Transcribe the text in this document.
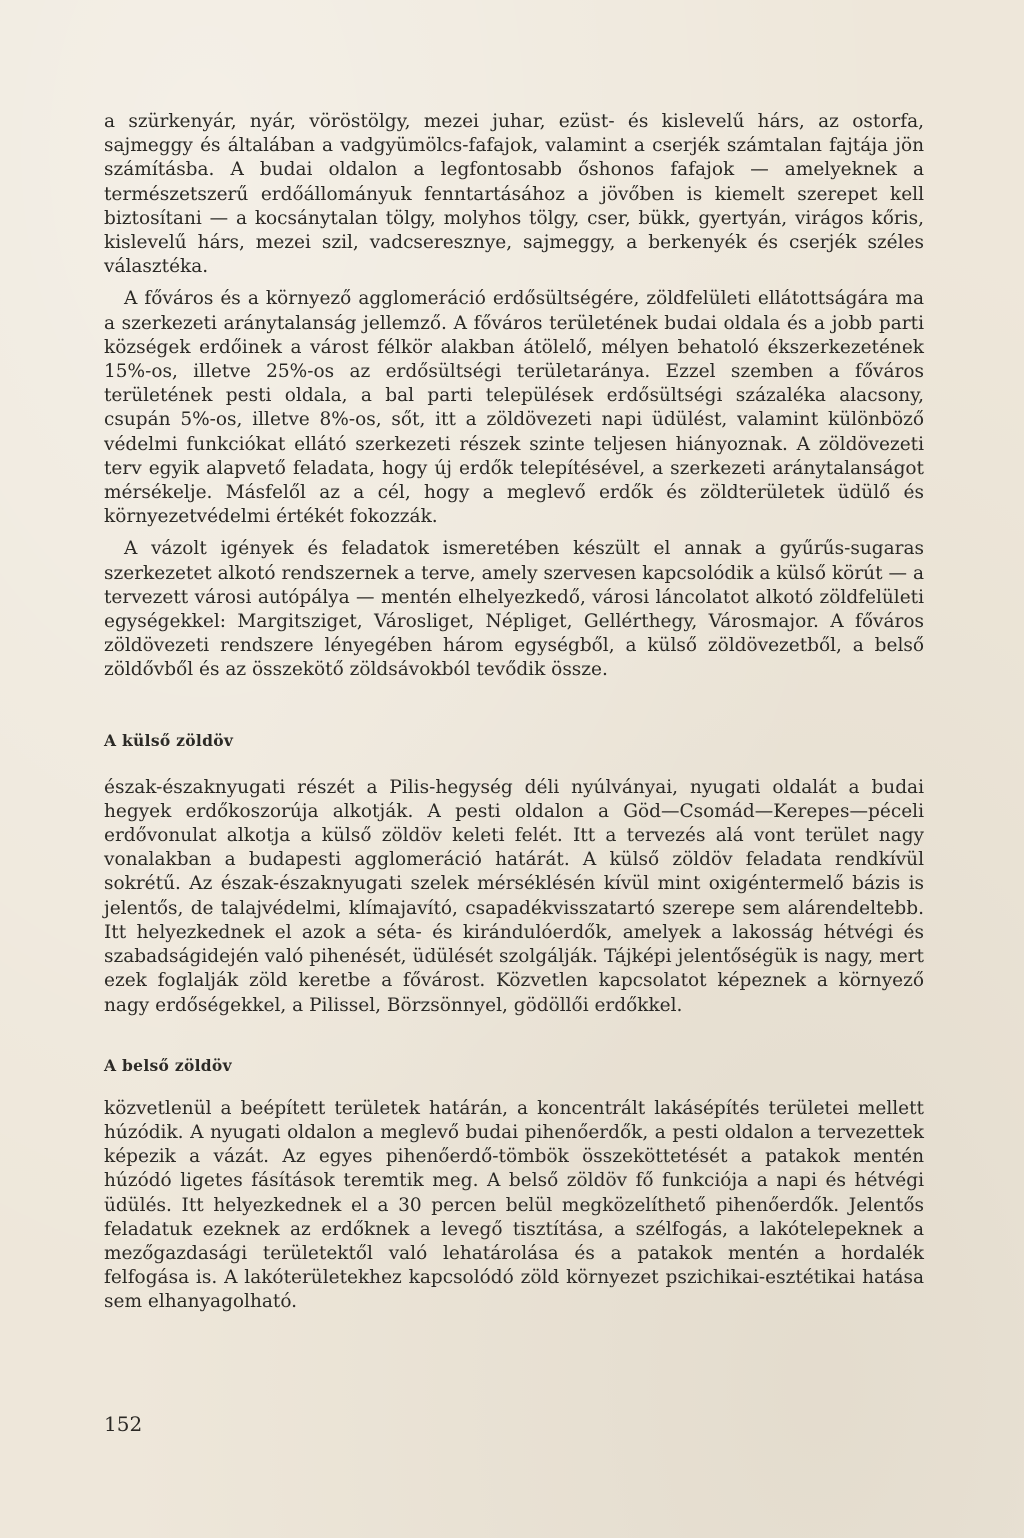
a szürkenyár, nyár, vöröstölgy, mezei juhar, ezüst- és kislevelű hárs, az ostorfa, sajmeggy és általában a vadgyümölcs-fafajok, valamint a cserjék számtalan fajtája jön számításba. A budai oldalon a legfontosabb őshonos fafajok — amelyeknek a természetszerű erdőállományuk fenntartásához a jövőben is kiemelt szerepet kell biztosítani — a kocsánytalan tölgy, molyhos tölgy, cser, bükk, gyertyán, virágos kőris, kislevelű hárs, mezei szil, vadcseresznye, sajmeggy, a berkenyék és cserjék széles választéka.

A főváros és a környező agglomeráció erdősültségére, zöldfelületi ellátottságára ma a szerkezeti aránytalanság jellemző. A főváros területének budai oldala és a jobb parti községek erdőinek a várost félkör alakban átölelő, mélyen behatoló ékszerkezetének 15%-os, illetve 25%-os az erdősültségi területaránya. Ezzel szemben a főváros területének pesti oldala, a bal parti települések erdősültségi százaléka alacsony, csupán 5%-os, illetve 8%-os, sőt, itt a zöldövezeti napi üdülést, valamint különböző védelmi funkciókat ellátó szerkezeti részek szinte teljesen hiányoznak. A zöldövezeti terv egyik alapvető feladata, hogy új erdők telepítésével, a szerkezeti aránytalanságot mérsékelje. Másfelől az a cél, hogy a meglevő erdők és zöldterületek üdülő és környezetvédelmi értékét fokozzák.

A vázolt igények és feladatok ismeretében készült el annak a gyűrűs-sugaras szerkezetet alkotó rendszernek a terve, amely szervesen kapcsolódik a külső körút — a tervezett városi autópálya — mentén elhelyezkedő, városi láncolatot alkotó zöldfelületi egységekkel: Margitsziget, Városliget, Népliget, Gellérthegy, Városmajor. A főváros zöldövezeti rendszere lényegében három egységből, a külső zöldövezetből, a belső zöldővből és az összekötő zöldsávokból tevődik össze.

A külső zöldöv

észak-északnyugati részét a Pilis-hegység déli nyúlványai, nyugati oldalát a budai hegyek erdőkoszorúja alkotják. A pesti oldalon a Göd—Csomád—Kerepes—péceli erdővonulat alkotja a külső zöldöv keleti felét. Itt a tervezés alá vont terület nagy vonalakban a budapesti agglomeráció határát. A külső zöldöv feladata rendkívül sokrétű. Az észak-északnyugati szelek mérséklésén kívül mint oxigéntermelő bázis is jelentős, de talajvédelmi, klímajavító, csapadékvisszatartó szerepe sem alárendeltebb. Itt helyezkednek el azok a séta- és kirándulóerdők, amelyek a lakosság hétvégi és szabadságidején való pihenését, üdülését szolgálják. Tájképi jelentőségük is nagy, mert ezek foglalják zöld keretbe a fővárost. Közvetlen kapcsolatot képeznek a környező nagy erdőségekkel, a Pilissel, Börzsönnyel, gödöllői erdőkkel.

A belső zöldöv

közvetlenül a beépített területek határán, a koncentrált lakásépítés területei mellett húzódik. A nyugati oldalon a meglevő budai pihenőerdők, a pesti oldalon a tervezettek képezik a vázát. Az egyes pihenőerdő-tömbök összeköttetését a patakok mentén húzódó ligetes fásítások teremtik meg. A belső zöldöv fő funkciója a napi és hétvégi üdülés. Itt helyezkednek el a 30 percen belül megközelíthető pihenőerdők. Jelentős feladatuk ezeknek az erdőknek a levegő tisztítása, a szélfogás, a lakótelepeknek a mezőgazdasági területektől való lehatárolása és a patakok mentén a hordalék felfogása is. A lakóterületekhez kapcsolódó zöld környezet pszichikai-esztétikai hatása sem elhanyagolható.

152
